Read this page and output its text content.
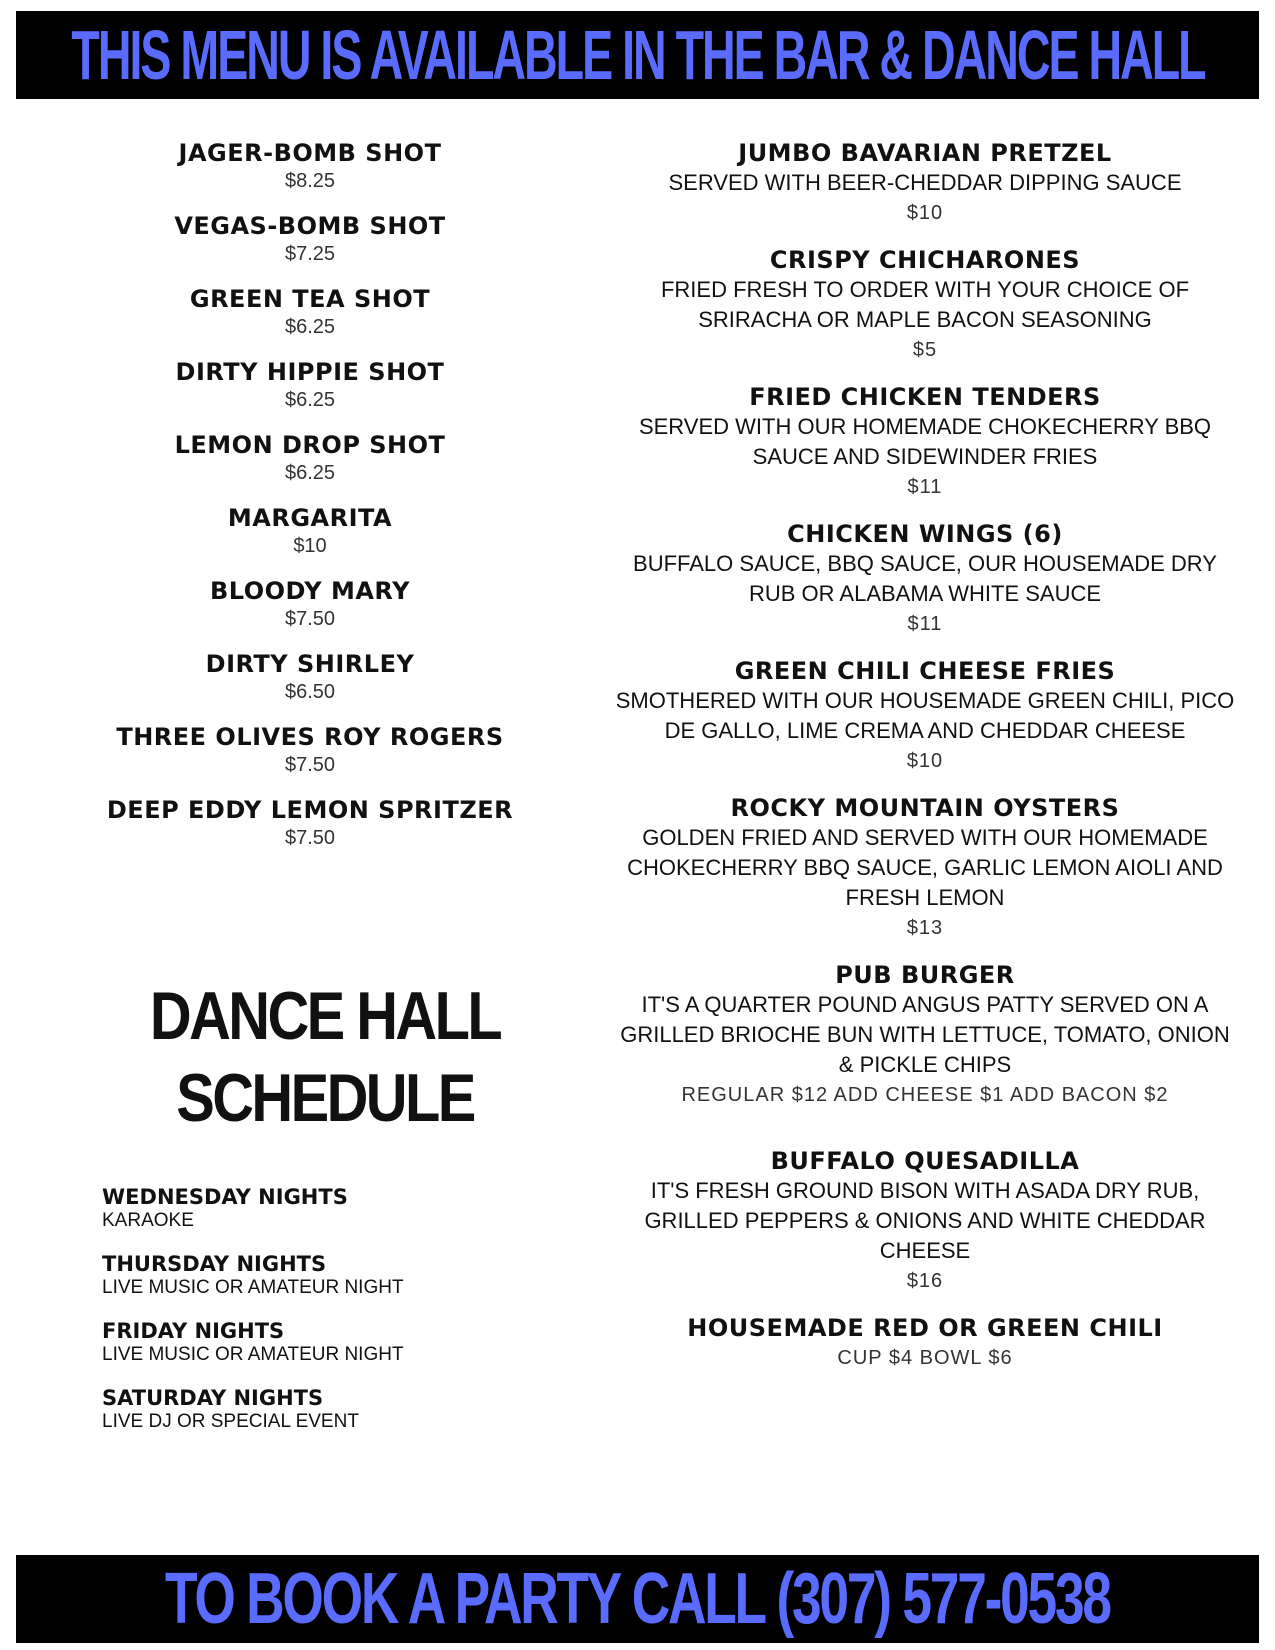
THIS MENU IS AVAILABLE IN THE BAR & DANCE HALL
JAGER-BOMB SHOT
$8.25
VEGAS-BOMB SHOT
$7.25
GREEN TEA SHOT
$6.25
DIRTY HIPPIE SHOT
$6.25
LEMON DROP SHOT
$6.25
MARGARITA
$10
BLOODY MARY
$7.50
DIRTY SHIRLEY
$6.50
THREE OLIVES ROY ROGERS
$7.50
DEEP EDDY LEMON SPRITZER
$7.50
DANCE HALL
SCHEDULE
WEDNESDAY NIGHTS
KARAOKE
THURSDAY NIGHTS
LIVE MUSIC OR AMATEUR NIGHT
FRIDAY NIGHTS
LIVE MUSIC OR AMATEUR NIGHT
SATURDAY NIGHTS
LIVE DJ OR SPECIAL EVENT
JUMBO BAVARIAN PRETZEL
SERVED WITH BEER-CHEDDAR DIPPING SAUCE
$10
CRISPY CHICHARONES
FRIED FRESH TO ORDER WITH YOUR CHOICE OF SRIRACHA OR MAPLE BACON SEASONING
$5
FRIED CHICKEN TENDERS
SERVED WITH OUR HOMEMADE CHOKECHERRY BBQ SAUCE AND SIDEWINDER FRIES
$11
CHICKEN WINGS (6)
BUFFALO SAUCE, BBQ SAUCE, OUR HOUSEMADE DRY RUB OR ALABAMA WHITE SAUCE
$11
GREEN CHILI CHEESE FRIES
SMOTHERED WITH OUR HOUSEMADE GREEN CHILI, PICO DE GALLO, LIME CREMA AND CHEDDAR CHEESE
$10
ROCKY MOUNTAIN OYSTERS
GOLDEN FRIED AND SERVED WITH OUR HOMEMADE CHOKECHERRY BBQ SAUCE, GARLIC LEMON AIOLI AND FRESH LEMON
$13
PUB BURGER
IT'S A QUARTER POUND ANGUS PATTY SERVED ON A GRILLED BRIOCHE BUN WITH LETTUCE, TOMATO, ONION & PICKLE CHIPS
REGULAR $12 ADD CHEESE $1 ADD BACON $2
BUFFALO QUESADILLA
IT'S FRESH GROUND BISON WITH ASADA DRY RUB, GRILLED PEPPERS & ONIONS AND WHITE CHEDDAR CHEESE
$16
HOUSEMADE RED OR GREEN CHILI
CUP $4 BOWL $6
TO BOOK A PARTY CALL (307) 577-0538
